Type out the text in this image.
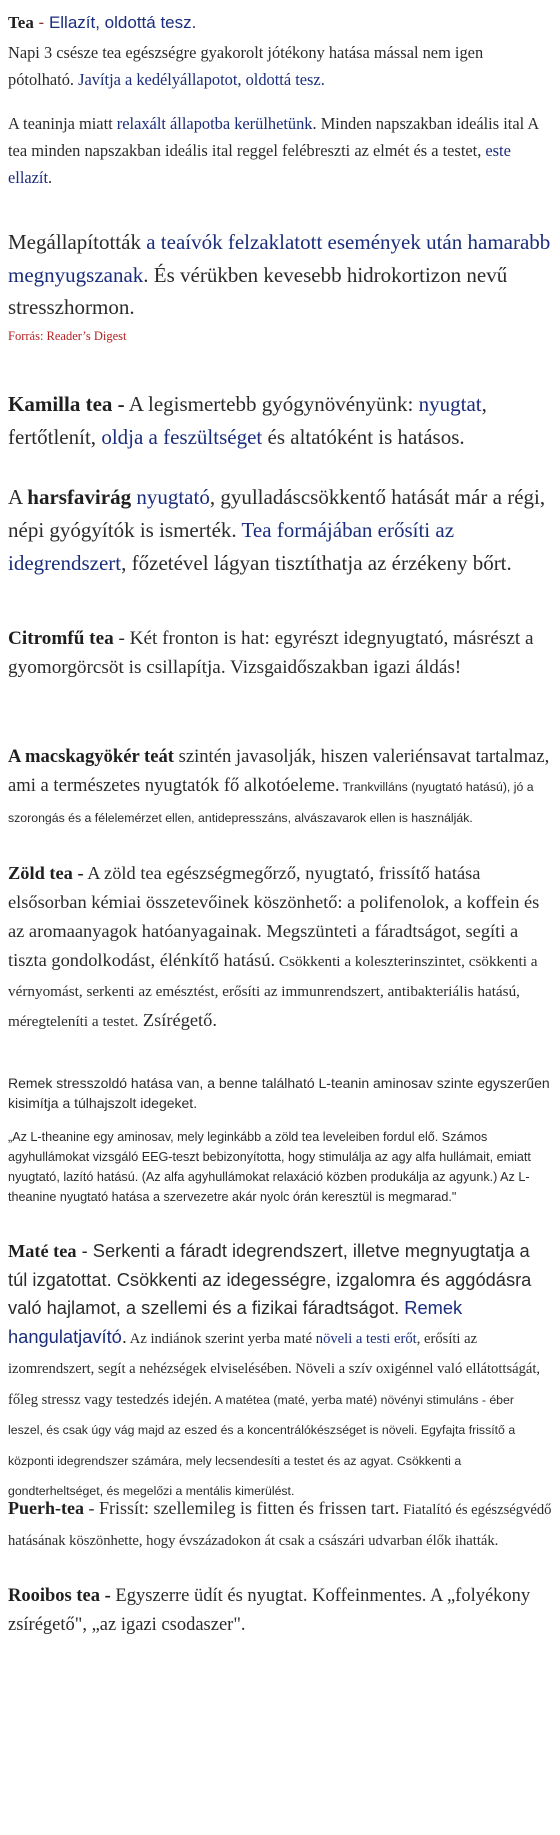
Tea - Ellazít, oldottá tesz.

Napi 3 csésze tea egészségre gyakorolt jótékony hatása mással nem igen pótolható. Javítja a kedélyállapotot, oldottá tesz.

A teaninja miatt relaxált állapotba kerülhetünk. Minden napszakban ideális ital A tea minden napszakban ideális ital reggel felébreszti az elmét és a testet, este ellazít.

Megállapították a teaívók felzaklatott események után hamarabb megnyugszanak. És vérükben kevesebb hidrokortizon nevű stresszhormon.

Forrás: Reader’s Digest

Kamilla tea - A legismertebb gyógynövényünk: nyugtat, fertőtlenít, oldja a feszültséget és altatóként is hatásos.

A harsfavirág nyugtató, gyulladáscsökkentő hatását már a régi, népi gyógyítók is ismerték. Tea formájában erősíti az idegrendszert, főzetével lágyan tisztíthatja az érzékeny bőrt.

Citromfű tea - Két fronton is hat: egyrészt idegnyugtató, másrészt a gyomorgörcsöt is csillapítja. Vizsgaidőszakban igazi áldás!

A macskagyökér teát szintén javasolják, hiszen valeriénsavat tartalmaz, ami a természetes nyugtatók fő alkotóeleme. Trankvilláns (nyugtató hatású), jó a szorongás és a félelemérzet ellen, antidepresszáns, alvászavarok ellen is használják.

Zöld tea - A zöld tea egészségmegőrző, nyugtató, frissítő hatása elsősorban kémiai összetevőinek köszönhető: a polifenolok, a koffein és az aromaanyagok hatóanyagainak. Megszünteti a fáradtságot, segíti a tiszta gondolkodást, élénkítő hatású. Csökkenti a koleszterinszintet, csökkenti a vérnyomást, serkenti az emésztést, erősíti az immunrendszert, antibakteriális hatású, méregteleníti a testet. Zsírégető.

Remek stresszoldó hatása van, a benne található L-teanin aminosav szinte egyszerűen kisimítja a túlhajszolt idegeket.

„Az L-theanine egy aminosav, mely leginkább a zöld tea leveleiben fordul elő. Számos agyhullámokat vizsgáló EEG-teszt bebizonyította, hogy stimulálja az agy alfa hullámait, emiatt nyugtató, lazító hatású. (Az alfa agyhullámokat relaxáció közben produkálja az agyunk.) Az L-theanine nyugtató hatása a szervezetre akár nyolc órán keresztül is megmarad."

Maté tea - Serkenti a fáradt idegrendszert, illetve megnyugtatja a túl izgatottat. Csökkenti az idegességre, izgalomra és aggódásra való hajlamot, a szellemi és a fizikai fáradtságot. Remek hangulatjavító. Az indiánok szerint yerba maté növeli a testi erőt, erősíti az izomrendszert, segít a nehézségek elviselésében. Növeli a szív oxigénnel való ellátottságát, főleg stressz vagy testedzés idején. A matétea (maté, yerba maté) növényi stimuláns - éber leszel, és csak úgy vág majd az eszed és a koncentrálókészséget is növeli. Egyfajta frissítő a központi idegrendszer számára, mely lecsendesíti a testet és az agyat. Csökkenti a gondterheltséget, és megelőzi a mentális kimerülést.

Puerh-tea - Frissít: szellemileg is fitten és frissen tart. Fiatalító és egészségvédő hatásának köszönhette, hogy évszázadokon át csak a császári udvarban élők ihatták.

Rooibos tea - Egyszerre üdít és nyugtat. Koffeinmentes. A „folyékony zsírégető", „az igazi csodaszer".
